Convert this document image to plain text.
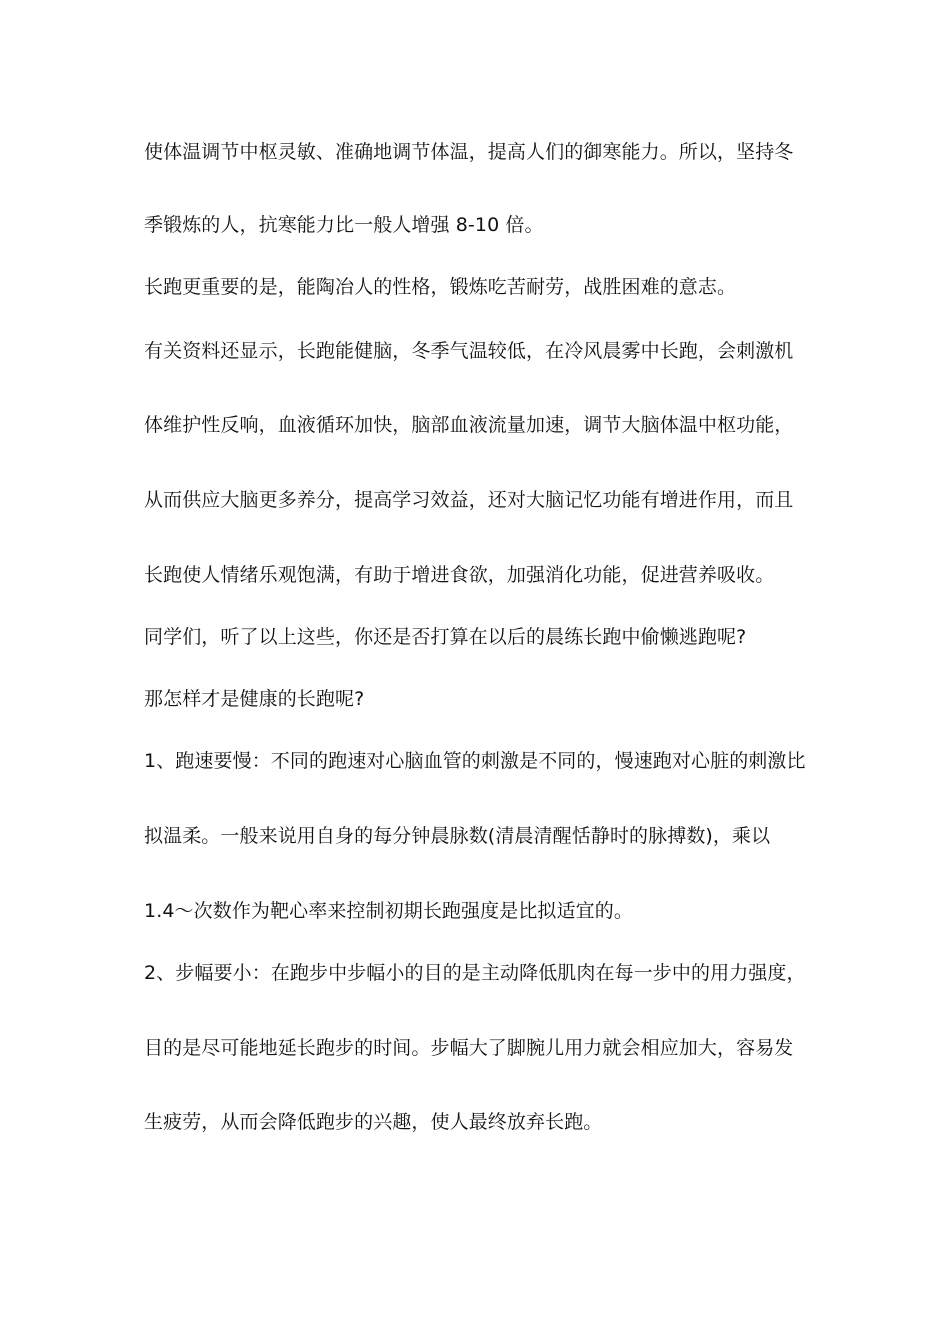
使体温调节中枢灵敏、准确地调节体温，提高人们的御寒能力。所以，坚持冬
季锻炼的人，抗寒能力比一般人增强 8-10 倍。
长跑更重要的是，能陶冶人的性格，锻炼吃苦耐劳，战胜困难的意志。
有关资料还显示，长跑能健脑，冬季气温较低，在冷风晨雾中长跑，会刺激机
体维护性反响，血液循环加快，脑部血液流量加速，调节大脑体温中枢功能，
从而供应大脑更多养分，提高学习效益，还对大脑记忆功能有增进作用，而且
长跑使人情绪乐观饱满，有助于增进食欲，加强消化功能，促进营养吸收。
同学们，听了以上这些，你还是否打算在以后的晨练长跑中偷懒逃跑呢?
那怎样才是健康的长跑呢?
1、跑速要慢：不同的跑速对心脑血管的刺激是不同的，慢速跑对心脏的刺激比
拟温柔。一般来说用自身的每分钟晨脉数(清晨清醒恬静时的脉搏数)，乘以
1.4～次数作为靶心率来控制初期长跑强度是比拟适宜的。
2、步幅要小：在跑步中步幅小的目的是主动降低肌肉在每一步中的用力强度，
目的是尽可能地延长跑步的时间。步幅大了脚腕儿用力就会相应加大，容易发
生疲劳，从而会降低跑步的兴趣，使人最终放弃长跑。
